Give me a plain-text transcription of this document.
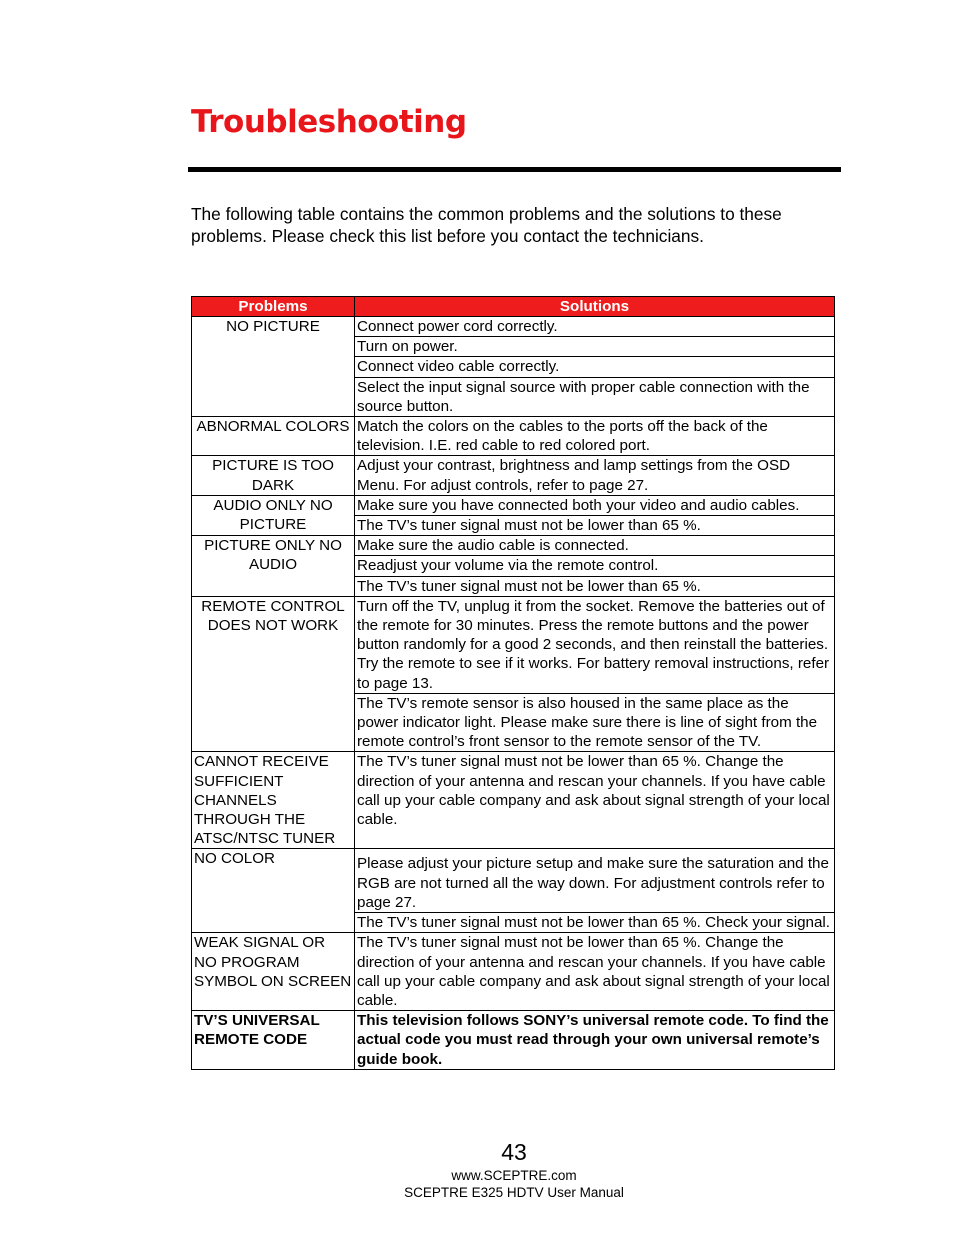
Troubleshooting

The following table contains the common problems and the solutions to these problems. Please check this list before you contact the technicians.

Problems	Solutions
NO PICTURE	Connect power cord correctly.
	Turn on power.
	Connect video cable correctly.
	Select the input signal source with proper cable connection with the source button.
ABNORMAL COLORS	Match the colors on the cables to the ports off the back of the television. I.E. red cable to red colored port.
PICTURE IS TOO DARK	Adjust your contrast, brightness and lamp settings from the OSD Menu. For adjust controls, refer to page 27.
AUDIO ONLY NO PICTURE	Make sure you have connected both your video and audio cables.
	The TV’s tuner signal must not be lower than 65 %.
PICTURE ONLY NO AUDIO	Make sure the audio cable is connected.
	Readjust your volume via the remote control.
	The TV’s tuner signal must not be lower than 65 %.
REMOTE CONTROL DOES NOT WORK	Turn off the TV, unplug it from the socket. Remove the batteries out of the remote for 30 minutes. Press the remote buttons and the power button randomly for a good 2 seconds, and then reinstall the batteries. Try the remote to see if it works. For battery removal instructions, refer to page 13.
	The TV’s remote sensor is also housed in the same place as the power indicator light. Please make sure there is line of sight from the remote control’s front sensor to the remote sensor of the TV.
CANNOT RECEIVE SUFFICIENT CHANNELS THROUGH THE ATSC/NTSC TUNER	The TV’s tuner signal must not be lower than 65 %. Change the direction of your antenna and rescan your channels. If you have cable call up your cable company and ask about signal strength of your local cable.
NO COLOR	Please adjust your picture setup and make sure the saturation and the RGB are not turned all the way down. For adjustment controls refer to page 27.
	The TV’s tuner signal must not be lower than 65 %. Check your signal.
WEAK SIGNAL OR NO PROGRAM SYMBOL ON SCREEN	The TV’s tuner signal must not be lower than 65 %. Change the direction of your antenna and rescan your channels. If you have cable call up your cable company and ask about signal strength of your local cable.
TV’S UNIVERSAL REMOTE CODE	This television follows SONY’s universal remote code. To find the actual code you must read through your own universal remote’s guide book.
43
www.SCEPTRE.com
SCEPTRE E325 HDTV User Manual
